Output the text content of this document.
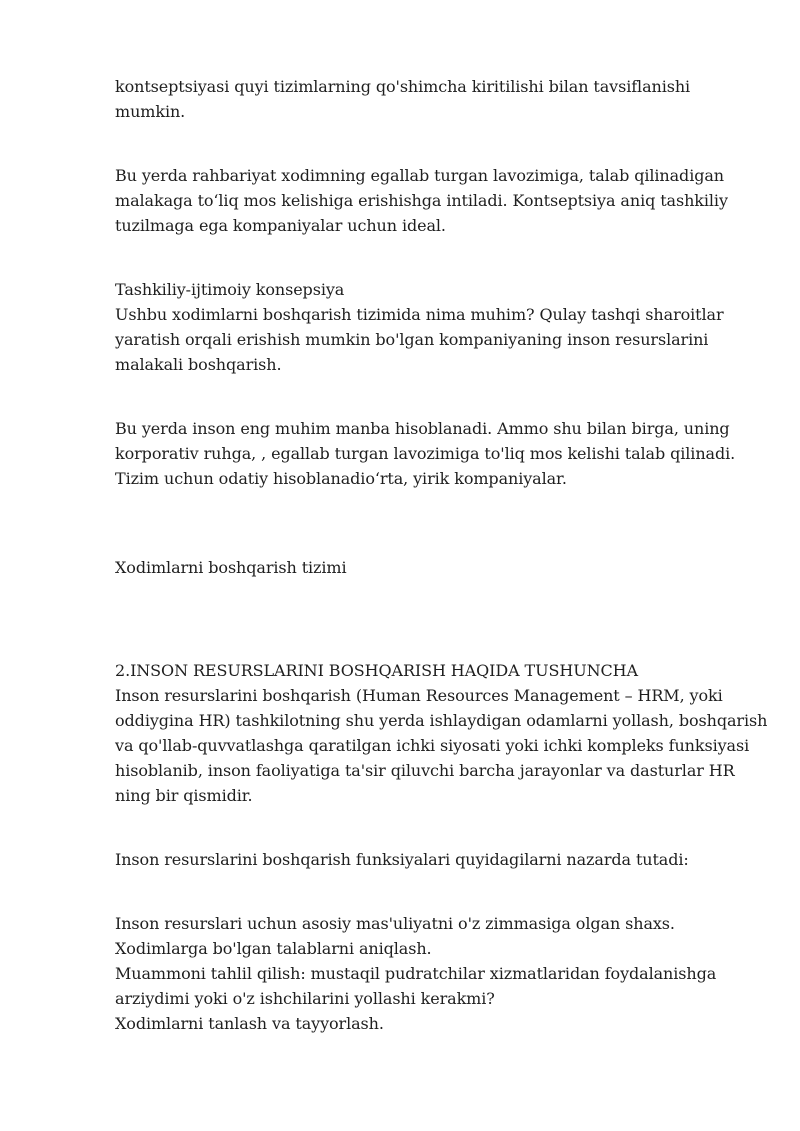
kontseptsiyasi quyi tizimlarning qo'shimcha kiritilishi bilan tavsiflanishi
mumkin.

Bu yerda rahbariyat xodimning egallab turgan lavozimiga, talab qilinadigan
malakaga to‘liq mos kelishiga erishishga intiladi. Kontseptsiya aniq tashkiliy
tuzilmaga ega kompaniyalar uchun ideal.

Tashkiliy-ijtimoiy konsepsiya
Ushbu xodimlarni boshqarish tizimida nima muhim? Qulay tashqi sharoitlar
yaratish orqali erishish mumkin bo'lgan kompaniyaning inson resurslarini
malakali boshqarish.

Bu yerda inson eng muhim manba hisoblanadi. Ammo shu bilan birga, uning
korporativ ruhga, , egallab turgan lavozimiga to'liq mos kelishi talab qilinadi.
Tizim uchun odatiy hisoblanadio‘rta, yirik kompaniyalar.

Xodimlarni boshqarish tizimi

2.INSON RESURSLARINI BOSHQARISH HAQIDA TUSHUNCHA
Inson resurslarini boshqarish (Human Resources Management – HRM, yoki
oddiygina HR) tashkilotning shu yerda ishlaydigan odamlarni yollash, boshqarish
va qo'llab-quvvatlashga qaratilgan ichki siyosati yoki ichki kompleks funksiyasi
hisoblanib, inson faoliyatiga ta'sir qiluvchi barcha jarayonlar va dasturlar HR
ning bir qismidir.

Inson resurslarini boshqarish funksiyalari quyidagilarni nazarda tutadi:

Inson resurslari uchun asosiy mas'uliyatni o'z zimmasiga olgan shaxs.
Xodimlarga bo'lgan talablarni aniqlash.
Muammoni tahlil qilish: mustaqil pudratchilar xizmatlaridan foydalanishga
arziydimi yoki o'z ishchilarini yollashi kerakmi?
Xodimlarni tanlash va tayyorlash.
